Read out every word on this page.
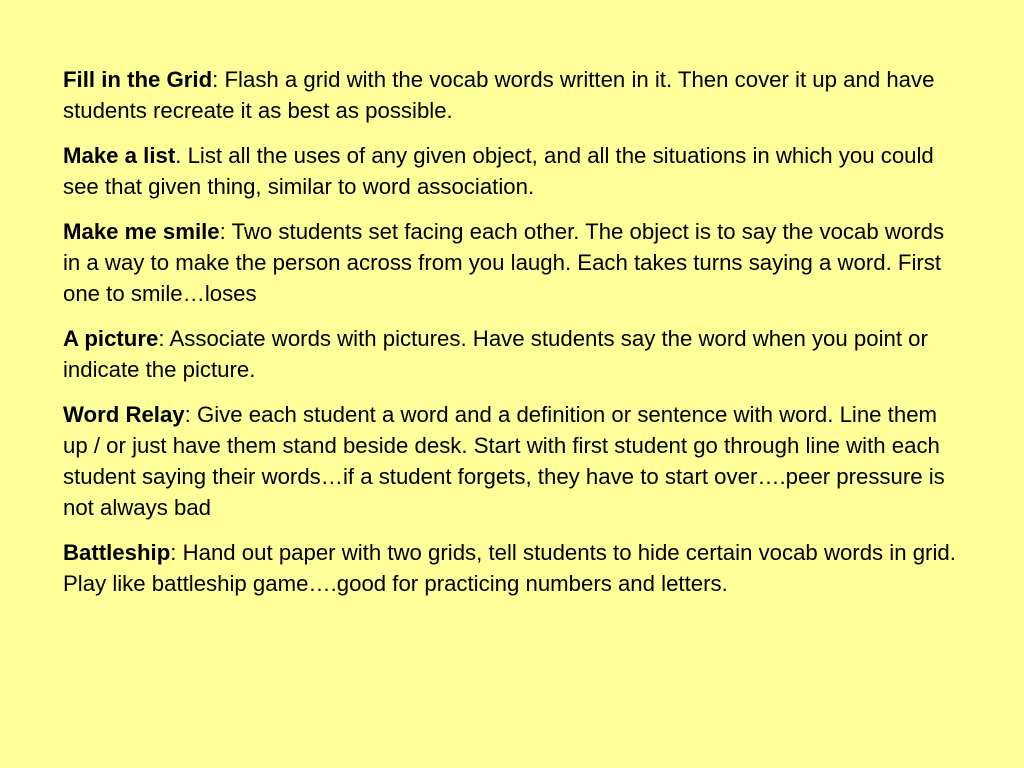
Fill in the Grid: Flash a grid with the vocab words written in it. Then cover it up and have students recreate it as best as possible.

Make a list. List all the uses of any given object, and all the situations in which you could see that given thing, similar to word association.

Make me smile: Two students set facing each other. The object is to say the vocab words in a way to make the person across from you laugh. Each takes turns saying a word. First one to smile…loses

A picture: Associate words with pictures. Have students say the word when you point or indicate the picture.

Word Relay: Give each student a word and a definition or sentence with word. Line them up / or just have them stand beside desk. Start with first student go through line with each student saying their words…if a student forgets, they have to start over….peer pressure is not always bad

Battleship: Hand out paper with two grids, tell students to hide certain vocab words in grid. Play like battleship game….good for practicing numbers and letters.
